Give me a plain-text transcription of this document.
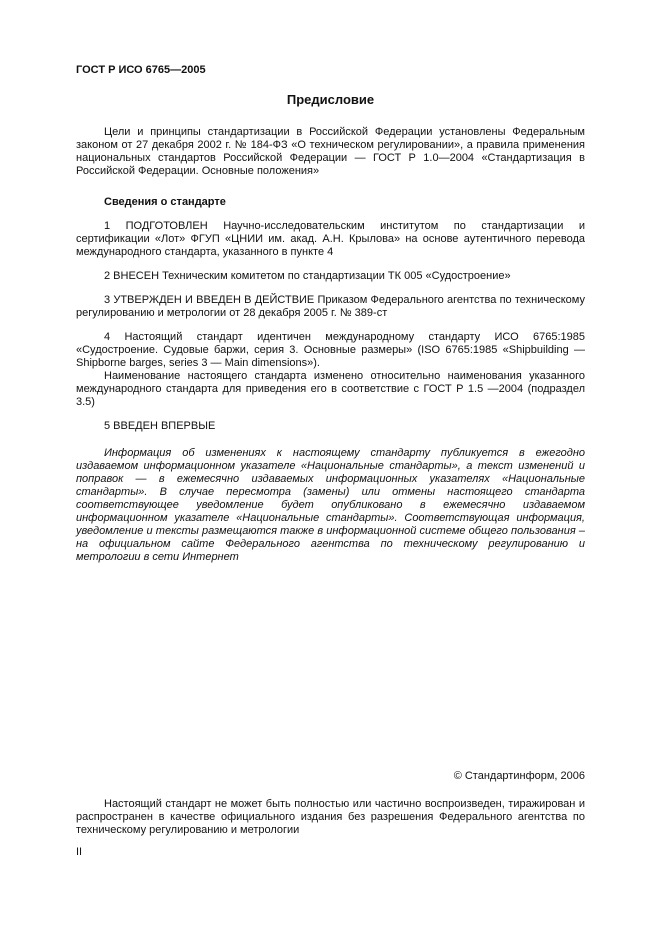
ГОСТ Р ИСО 6765—2005
Предисловие

Цели и принципы стандартизации в Российской Федерации установлены Федеральным законом от 27 декабря 2002 г. № 184-ФЗ «О техническом регулировании», а правила применения национальных стандартов Российской Федерации — ГОСТ Р 1.0—2004 «Стандартизация в Российской Федерации. Основные положения»

Сведения о стандарте

1 ПОДГОТОВЛЕН Научно-исследовательским институтом по стандартизации и сертификации «Лот» ФГУП «ЦНИИ им. акад. А.Н. Крылова» на основе аутентичного перевода международного стандарта, указанного в пункте 4

2 ВНЕСЕН Техническим комитетом по стандартизации ТК 005 «Судостроение»

3 УТВЕРЖДЕН И ВВЕДЕН В ДЕЙСТВИЕ Приказом Федерального агентства по техническому регулированию и метрологии от 28 декабря 2005 г. № 389-ст

4 Настоящий стандарт идентичен международному стандарту ИСО 6765:1985 «Судостроение. Судовые баржи, серия 3. Основные размеры» (ISO 6765:1985 «Shipbuilding — Shipborne barges, series 3 — Main dimensions»).

Наименование настоящего стандарта изменено относительно наименования указанного международного стандарта для приведения его в соответствие с ГОСТ Р 1.5 —2004 (подраздел 3.5)

5 ВВЕДЕН ВПЕРВЫЕ

Информация об изменениях к настоящему стандарту публикуется в ежегодно издаваемом информационном указателе «Национальные стандарты», а текст изменений и поправок — в ежемесячно издаваемых информационных указателях «Национальные стандарты». В случае пересмотра (замены) или отмены настоящего стандарта соответствующее уведомление будет опубликовано в ежемесячно издаваемом информационном указателе «Национальные стандарты». Соответствующая информация, уведомление и тексты размещаются также в информационной системе общего пользования – на официальном сайте Федерального агентства по техническому регулированию и метрологии в сети Интернет

© Стандартинформ, 2006

Настоящий стандарт не может быть полностью или частично воспроизведен, тиражирован и распространен в качестве официального издания без разрешения Федерального агентства по техническому регулированию и метрологии

II
